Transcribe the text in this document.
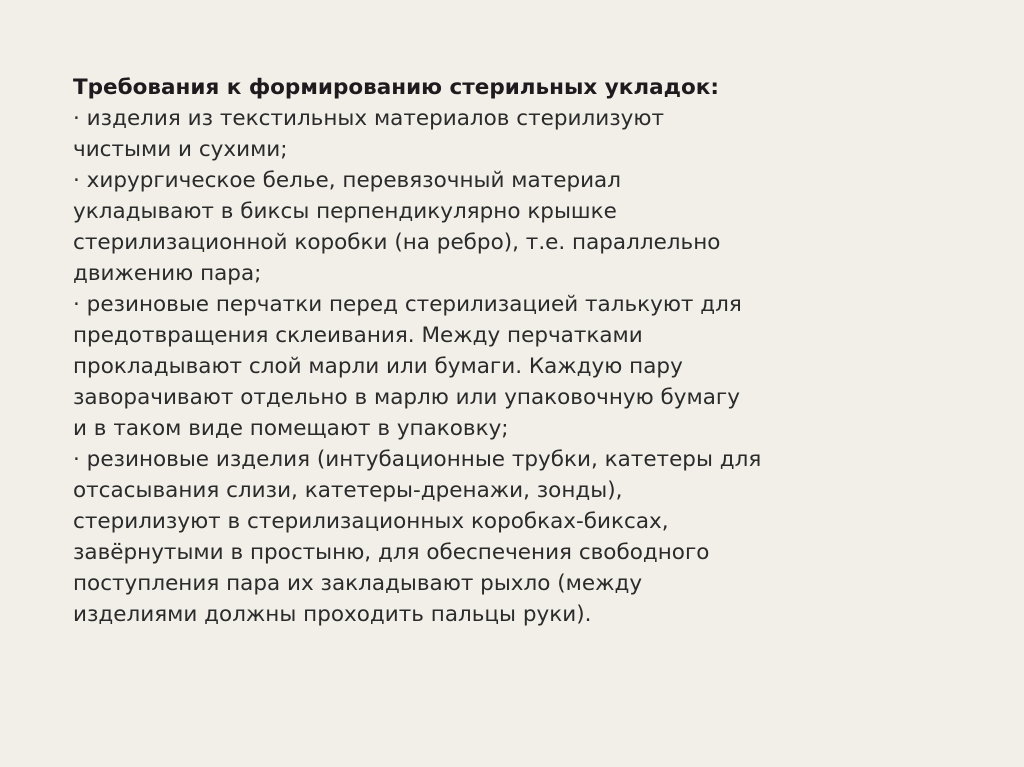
Требования к формированию стерильных укладок:
· изделия из текстильных материалов стерилизуют
чистыми и сухими;
· хирургическое белье, перевязочный материал
укладывают в биксы перпендикулярно крышке
стерилизационной коробки (на ребро), т.е. параллельно
движению пара;
· резиновые перчатки перед стерилизацией талькуют для
предотвращения склеивания. Между перчатками
прокладывают слой марли или бумаги. Каждую пару
заворачивают отдельно в марлю или упаковочную бумагу
и в таком виде помещают в упаковку;
· резиновые изделия (интубационные трубки, катетеры для
отсасывания слизи, катетеры-дренажи, зонды),
стерилизуют в стерилизационных коробках-биксах,
завёрнутыми в простыню, для обеспечения свободного
поступления пара их закладывают рыхло (между
изделиями должны проходить пальцы руки).
